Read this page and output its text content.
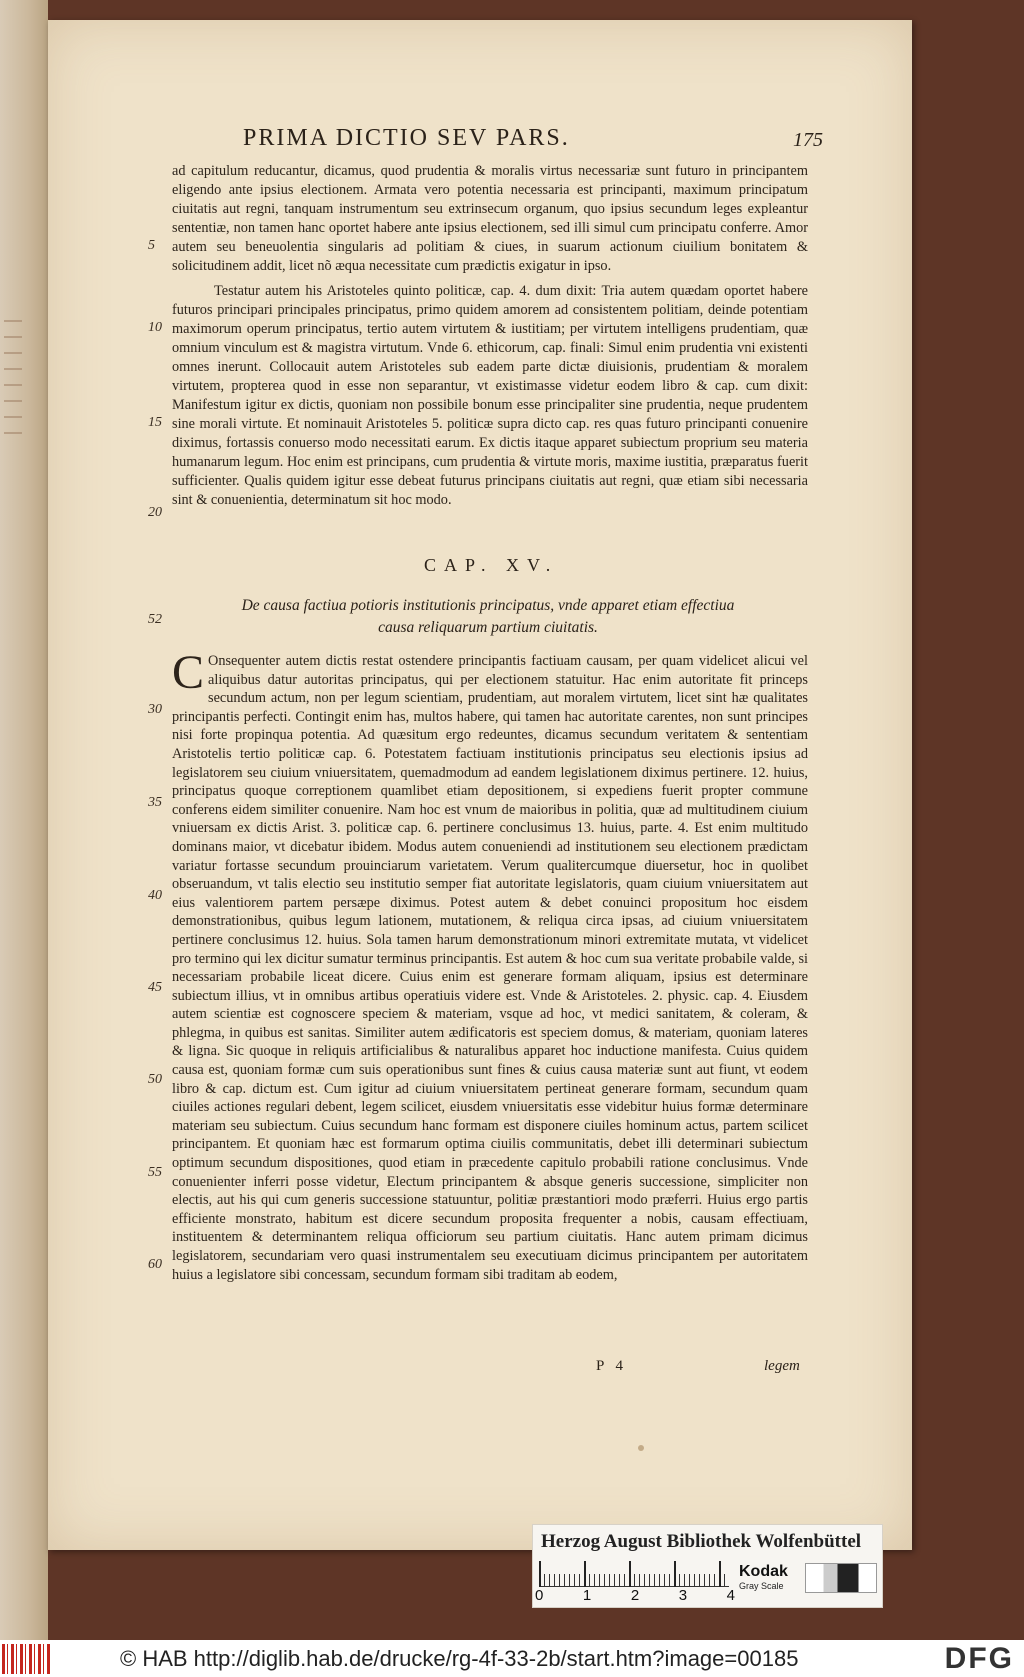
PRIMA DICTIO SEV PARS.	175

ad capitulum reducantur, dicamus, quod prudentia & moralis virtus necessariæ sunt futuro in principantem eligendo ante ipsius electionem. Armata vero potentia necessaria est principanti, maximum principatum ciuitatis aut regni, tanquam instrumentum seu extrinsecum organum, quo ipsius secundum leges expleantur sententiæ, non tamen hanc oportet habere ante ipsius electionem, sed illi simul cum principatu conferre. Amor autem seu beneuolentia singularis ad politiam & ciues, in suarum actionum ciuilium bonitatem & solicitudinem addit, licet nõ æqua necessitate cum prædictis exigatur in ipso.

Testatur autem his Aristoteles quinto politicæ, cap. 4. dum dixit: Tria autem quædam oportet habere futuros principari principales principatus, primo quidem amorem ad consistentem politiam, deinde potentiam maximorum operum principatus, tertio autem virtutem & iustitiam; per virtutem intelligens prudentiam, quæ omnium vinculum est & magistra virtutum. Vnde 6. ethicorum, cap. finali: Simul enim prudentia vni existenti omnes inerunt. Collocauit autem Aristoteles sub eadem parte dictæ diuisionis, prudentiam & moralem virtutem, propterea quod in esse non separantur, vt existimasse videtur eodem libro & cap. cum dixit: Manifestum igitur ex dictis, quoniam non possibile bonum esse principaliter sine prudentia, neque prudentem sine morali virtute. Et nominauit Aristoteles 5. politicæ supra dicto cap. res quas futuro principanti conuenire diximus, fortassis conuerso modo necessitati earum. Ex dictis itaque apparet subiectum proprium seu materia humanarum legum. Hoc enim est principans, cum prudentia & virtute moris, maxime iustitia, præparatus fuerit sufficienter. Qualis quidem igitur esse debeat futurus principans ciuitatis aut regni, quæ etiam sibi necessaria sint & conuenientia, determinatum sit hoc modo.

5
10
15
20
52
30
35
40
45
50
55
60
CAP. XV.
De causa factiua potioris institutionis principatus, vnde apparet etiam effectiua causa reliquarum partium ciuitatis.
C Onsequenter autem dictis restat ostendere principantis factiuam causam, per quam videlicet alicui vel aliquibus datur autoritas principatus, qui per electionem statuitur. Hac enim autoritate fit princeps secundum actum, non per legum scientiam, prudentiam, aut moralem virtutem, licet sint hæ qualitates principantis perfecti. Contingit enim has, multos habere, qui tamen hac autoritate carentes, non sunt principes nisi forte propinqua potentia. Ad quæsitum ergo redeuntes, dicamus secundum veritatem & sententiam Aristotelis tertio politicæ cap. 6. Potestatem factiuam institutionis principatus seu electionis ipsius ad legislatorem seu ciuium vniuersitatem, quemadmodum ad eandem legislationem diximus pertinere. 12. huius, principatus quoque correptionem quamlibet etiam depositionem, si expediens fuerit propter commune conferens eidem similiter conuenire. Nam hoc est vnum de maioribus in politia, quæ ad multitudinem ciuium vniuersam ex dictis Arist. 3. politicæ cap. 6. pertinere conclusimus 13. huius, parte. 4. Est enim multitudo dominans maior, vt dicebatur ibidem. Modus autem conueniendi ad institutionem seu electionem prædictam variatur fortasse secundum prouinciarum varietatem. Verum qualitercumque diuersetur, hoc in quolibet obseruandum, vt talis electio seu institutio semper fiat autoritate legislatoris, quam ciuium vniuersitatem aut eius valentiorem partem persæpe diximus. Potest autem & debet conuinci propositum hoc eisdem demonstrationibus, quibus legum lationem, mutationem, & reliqua circa ipsas, ad ciuium vniuersitatem pertinere conclusimus 12. huius. Sola tamen harum demonstrationum minori extremitate mutata, vt videlicet pro termino qui lex dicitur sumatur terminus principantis. Est autem & hoc cum sua veritate probabile valde, si necessariam probabile liceat dicere. Cuius enim est generare formam aliquam, ipsius est determinare subiectum illius, vt in omnibus artibus operatiuis videre est. Vnde & Aristoteles. 2. physic. cap. 4. Eiusdem autem scientiæ est cognoscere speciem & materiam, vsque ad hoc, vt medici sanitatem, & coleram, & phlegma, in quibus est sanitas. Similiter autem ædificatoris est speciem domus, & materiam, quoniam lateres & ligna. Sic quoque in reliquis artificialibus & naturalibus apparet hoc inductione manifesta. Cuius quidem causa est, quoniam formæ cum suis operationibus sunt fines & cuius causa materiæ sunt aut fiunt, vt eodem libro & cap. dictum est. Cum igitur ad ciuium vniuersitatem pertineat generare formam, secundum quam ciuiles actiones regulari debent, legem scilicet, eiusdem vniuersitatis esse videbitur huius formæ determinare materiam seu subiectum. Cuius secundum hanc formam est disponere ciuiles hominum actus, partem scilicet principantem. Et quoniam hæc est formarum optima ciuilis communitatis, debet illi determinari subiectum optimum secundum dispositiones, quod etiam in præcedente capitulo probabili ratione conclusimus. Vnde conuenienter inferri posse videtur, Electum principantem & absque generis successione, simpliciter non electis, aut his qui cum generis successione statuuntur, politiæ præstantiori modo præferri. Huius ergo partis efficiente monstrato, habitum est dicere secundum proposita frequenter a nobis, causam effectiuam, instituentem & determinantem reliqua officiorum seu partium ciuitatis. Hanc autem primam dicimus legislatorem, secundariam vero quasi instrumentalem seu executiuam dicimus principantem per autoritatem huius a legislatore sibi concessam, secundum formam sibi traditam ab eodem,
P 4	legem
Herzog August Bibliothek Wolfenbüttel
0	1	2	3	4
Kodak
Gray Scale
© HAB http://diglib.hab.de/drucke/rg-4f-33-2b/start.htm?image=00185	DFG
